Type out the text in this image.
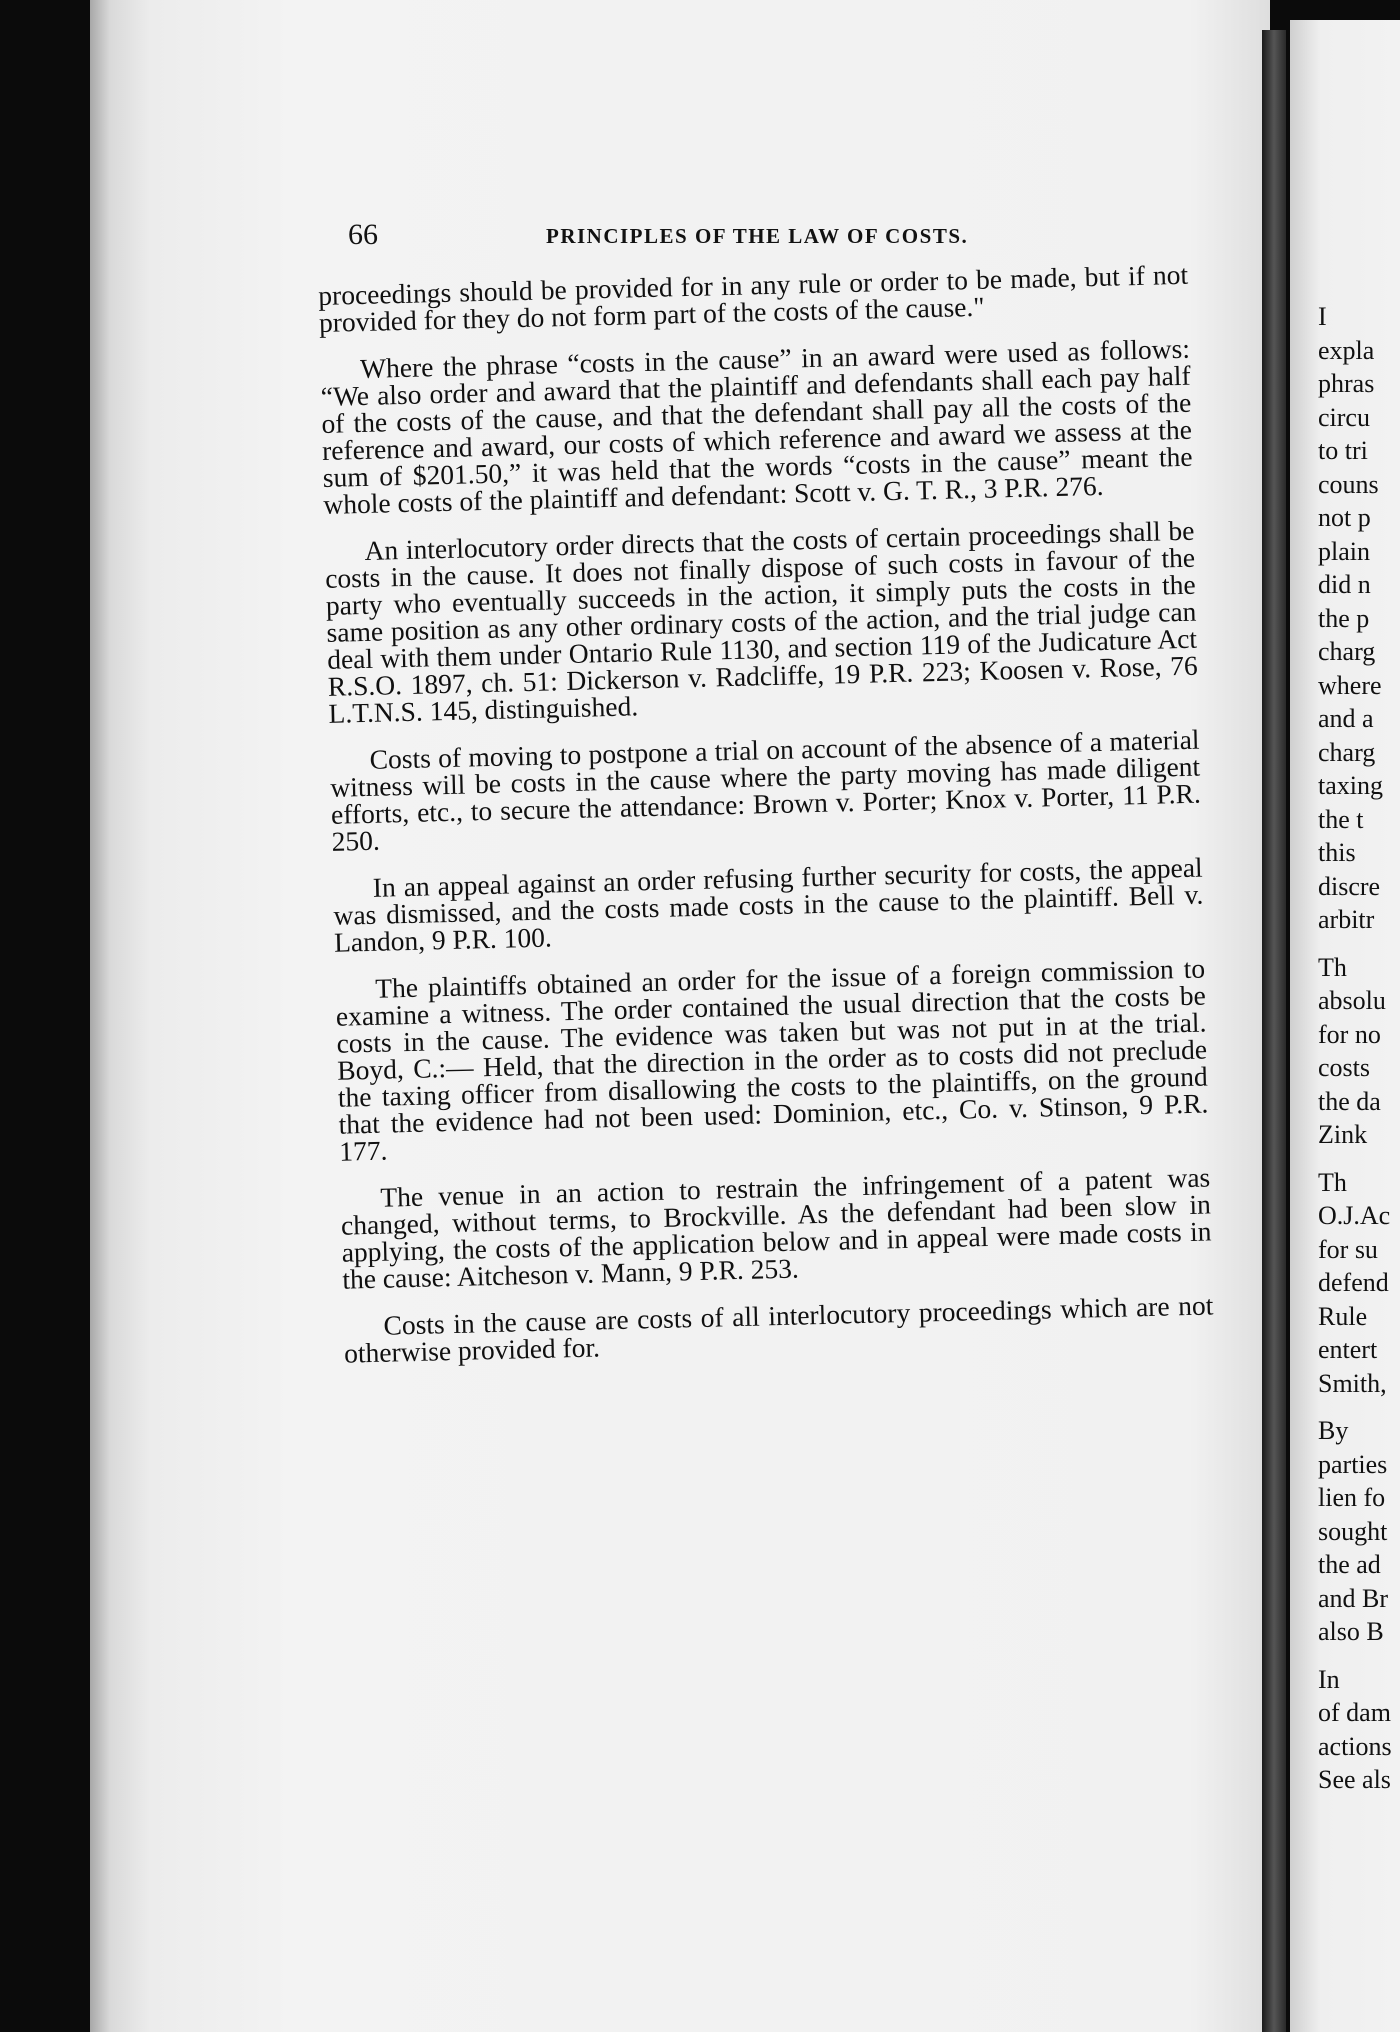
66	PRINCIPLES OF THE LAW OF COSTS.

proceedings should be provided for in any rule or order to be made, but if not provided for they do not form part of the costs of the cause."

Where the phrase “costs in the cause” in an award were used as follows: “We also order and award that the plaintiff and defendants shall each pay half of the costs of the cause, and that the defendant shall pay all the costs of the reference and award, our costs of which reference and award we assess at the sum of $201.50,” it was held that the words “costs in the cause” meant the whole costs of the plaintiff and defendant: Scott v. G. T. R., 3 P.R. 276.

An interlocutory order directs that the costs of certain proceedings shall be costs in the cause. It does not finally dispose of such costs in favour of the party who eventually succeeds in the action, it simply puts the costs in the same position as any other ordinary costs of the action, and the trial judge can deal with them under Ontario Rule 1130, and section 119 of the Judicature Act R.S.O. 1897, ch. 51: Dickerson v. Radcliffe, 19 P.R. 223; Koosen v. Rose, 76 L.T.N.S. 145, distinguished.

Costs of moving to postpone a trial on account of the absence of a material witness will be costs in the cause where the party moving has made diligent efforts, etc., to secure the attendance: Brown v. Porter; Knox v. Porter, 11 P.R. 250.

In an appeal against an order refusing further security for costs, the appeal was dismissed, and the costs made costs in the cause to the plaintiff. Bell v. Landon, 9 P.R. 100.

The plaintiffs obtained an order for the issue of a foreign commission to examine a witness. The order contained the usual direction that the costs be costs in the cause. The evidence was taken but was not put in at the trial. Boyd, C.:— Held, that the direction in the order as to costs did not preclude the taxing officer from disallowing the costs to the plaintiffs, on the ground that the evidence had not been used: Dominion, etc., Co. v. Stinson, 9 P.R. 177.

The venue in an action to restrain the infringement of a patent was changed, without terms, to Brockville. As the defendant had been slow in applying, the costs of the application below and in appeal were made costs in the cause: Aitcheson v. Mann, 9 P.R. 253.

Costs in the cause are costs of all interlocutory proceedings which are not otherwise provided for.

I
expla
phras
circu
to tri
couns
not p
plain
did n
the p
charg
where
and a
charg
taxing
the t
this
discre
arbitr
Th
absolu
for no
costs
the da
Zink
Th
O.J.Ac
for su
defend
Rule
entert
Smith,
By
parties
lien fo
sought
the ad
and Br
also B
In
of dam
actions
See als
